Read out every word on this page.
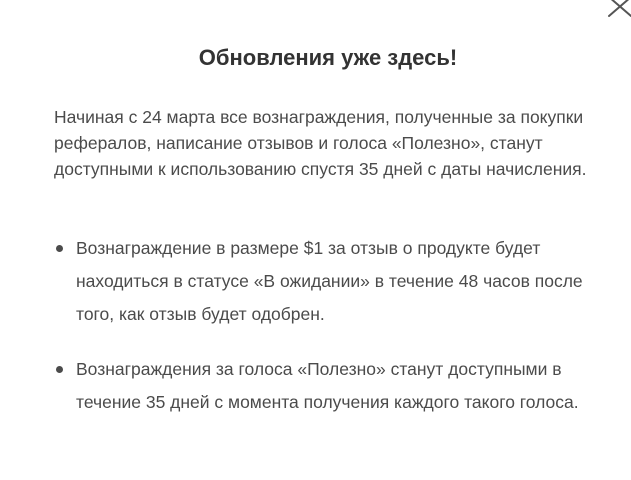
Обновления уже здесь!

Начиная с 24 марта все вознаграждения, полученные за покупки рефералов, написание отзывов и голоса «Полезно», станут доступными к использованию спустя 35 дней с даты начисления.

Вознаграждение в размере $1 за отзыв о продукте будет находиться в статусе «В ожидании» в течение 48 часов после того, как отзыв будет одобрен.
Вознаграждения за голоса «Полезно» станут доступными в течение 35 дней с момента получения каждого такого голоса.
